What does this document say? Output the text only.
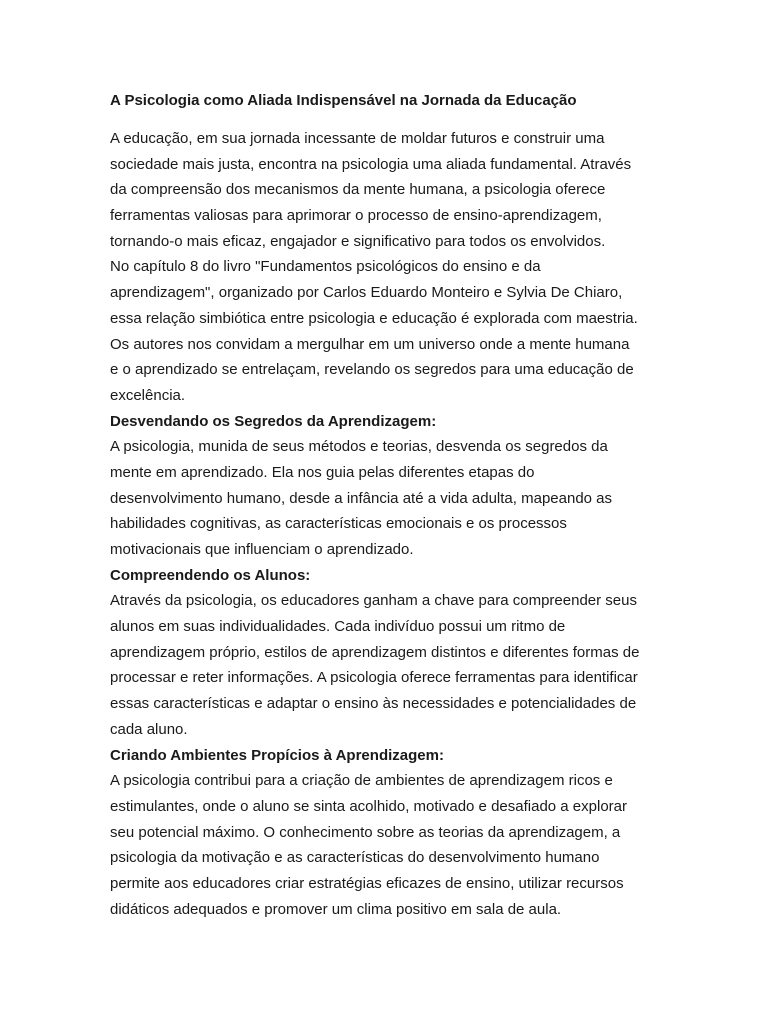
A Psicologia como Aliada Indispensável na Jornada da Educação
A educação, em sua jornada incessante de moldar futuros e construir uma
sociedade mais justa, encontra na psicologia uma aliada fundamental. Através
da compreensão dos mecanismos da mente humana, a psicologia oferece
ferramentas valiosas para aprimorar o processo de ensino-aprendizagem,
tornando-o mais eficaz, engajador e significativo para todos os envolvidos.
No capítulo 8 do livro "Fundamentos psicológicos do ensino e da
aprendizagem", organizado por Carlos Eduardo Monteiro e Sylvia De Chiaro,
essa relação simbiótica entre psicologia e educação é explorada com maestria.
Os autores nos convidam a mergulhar em um universo onde a mente humana
e o aprendizado se entrelaçam, revelando os segredos para uma educação de
excelência.
Desvendando os Segredos da Aprendizagem:
A psicologia, munida de seus métodos e teorias, desvenda os segredos da
mente em aprendizado. Ela nos guia pelas diferentes etapas do
desenvolvimento humano, desde a infância até a vida adulta, mapeando as
habilidades cognitivas, as características emocionais e os processos
motivacionais que influenciam o aprendizado.
Compreendendo os Alunos:
Através da psicologia, os educadores ganham a chave para compreender seus
alunos em suas individualidades. Cada indivíduo possui um ritmo de
aprendizagem próprio, estilos de aprendizagem distintos e diferentes formas de
processar e reter informações. A psicologia oferece ferramentas para identificar
essas características e adaptar o ensino às necessidades e potencialidades de
cada aluno.
Criando Ambientes Propícios à Aprendizagem:
A psicologia contribui para a criação de ambientes de aprendizagem ricos e
estimulantes, onde o aluno se sinta acolhido, motivado e desafiado a explorar
seu potencial máximo. O conhecimento sobre as teorias da aprendizagem, a
psicologia da motivação e as características do desenvolvimento humano
permite aos educadores criar estratégias eficazes de ensino, utilizar recursos
didáticos adequados e promover um clima positivo em sala de aula.
